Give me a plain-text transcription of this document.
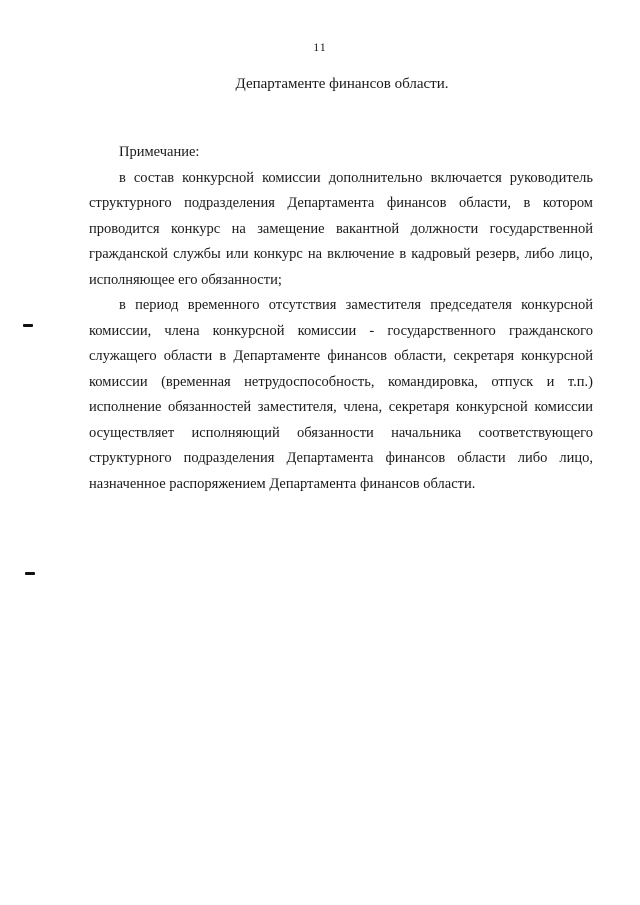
11
Департаменте финансов области.

Примечание:

в состав конкурсной комиссии дополнительно включается руководитель структурного подразделения Департамента финансов области, в котором проводится конкурс на замещение вакантной должности государственной гражданской службы или конкурс на включение в кадровый резерв, либо лицо, исполняющее его обязанности;

в период временного отсутствия заместителя председателя конкурсной комиссии, члена конкурсной комиссии - государственного гражданского служащего области в Департаменте финансов области, секретаря конкурсной комиссии (временная нетрудоспособность, командировка, отпуск и т.п.) исполнение обязанностей заместителя, члена, секретаря конкурсной комиссии осуществляет исполняющий обязанности начальника соответствующего структурного подразделения Департамента финансов области либо лицо, назначенное распоряжением Департамента финансов области.
